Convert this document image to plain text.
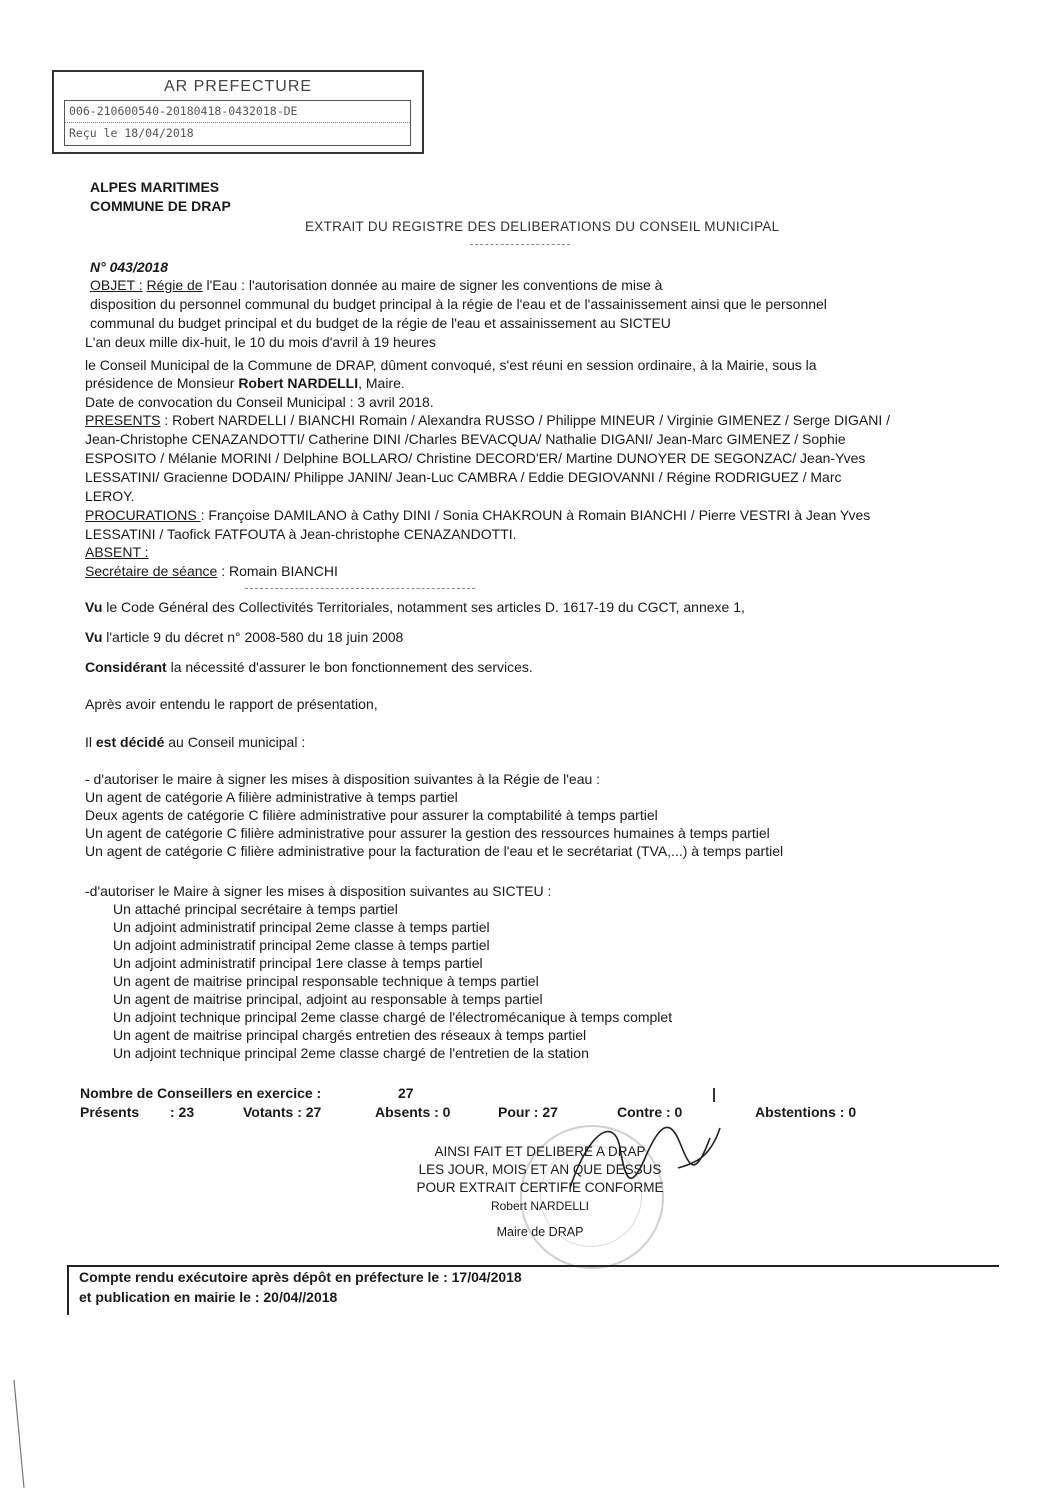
AR PREFECTURE
006-210600540-20180418-0432018-DE
Reçu le 18/04/2018
ALPES MARITIMES
COMMUNE DE DRAP
EXTRAIT DU REGISTRE DES DELIBERATIONS DU CONSEIL MUNICIPAL
N° 043/2018
OBJET : Régie de l'Eau : l'autorisation donnée au maire de signer les conventions de mise à
disposition du personnel communal du budget principal à la régie de l'eau et de l'assainissement ainsi que le personnel
communal du budget principal et du budget de la régie de l'eau et assainissement au SICTEU
L'an deux mille dix-huit, le 10 du mois d'avril à 19 heures
le Conseil Municipal de la Commune de DRAP, dûment convoqué, s'est réuni en session ordinaire, à la Mairie, sous la
présidence de Monsieur Robert NARDELLI, Maire.
Date de convocation du Conseil Municipal : 3 avril 2018.
PRESENTS : Robert NARDELLI / BIANCHI Romain / Alexandra RUSSO / Philippe MINEUR / Virginie GIMENEZ / Serge DIGANI /
Jean-Christophe CENAZANDOTTI/ Catherine DINI /Charles BEVACQUA/ Nathalie DIGANI/ Jean-Marc GIMENEZ / Sophie
ESPOSITO / Mélanie MORINI / Delphine BOLLARO/ Christine DECORD'ER/ Martine DUNOYER DE SEGONZAC/ Jean-Yves
LESSATINI/ Gracienne DODAIN/ Philippe JANIN/ Jean-Luc CAMBRA / Eddie DEGIOVANNI / Régine RODRIGUEZ / Marc
LEROY.
PROCURATIONS : Françoise DAMILANO à Cathy DINI / Sonia CHAKROUN à Romain BIANCHI / Pierre VESTRI à Jean Yves
LESSATINI / Taofick FATFOUTA à Jean-christophe CENAZANDOTTI.
ABSENT :
Secrétaire de séance : Romain BIANCHI
Vu le Code Général des Collectivités Territoriales, notamment ses articles D. 1617-19 du CGCT, annexe 1,
Vu l'article 9 du décret n° 2008-580 du 18 juin 2008
Considérant la nécessité d'assurer le bon fonctionnement des services.
Après avoir entendu le rapport de présentation,
Il est décidé au Conseil municipal :
- d'autoriser le maire à signer les mises à disposition suivantes à la Régie de l'eau :
Un agent de catégorie A filière administrative à temps partiel
Deux agents de catégorie C filière administrative pour assurer la comptabilité à temps partiel
Un agent de catégorie C filière administrative pour assurer la gestion des ressources humaines à temps partiel
Un agent de catégorie C filière administrative pour la facturation de l'eau et le secrétariat (TVA,...) à temps partiel
-d'autoriser le Maire à signer les mises à disposition suivantes au SICTEU :
Un attaché principal secrétaire à temps partiel
Un adjoint administratif principal 2eme classe à temps partiel
Un adjoint administratif principal 2eme classe à temps partiel
Un adjoint administratif principal 1ere classe à temps partiel
Un agent de maitrise principal responsable technique à temps partiel
Un agent de maitrise principal, adjoint au responsable à temps partiel
Un adjoint technique principal 2eme classe chargé de l'électromécanique à temps complet
Un agent de maitrise principal chargés entretien des réseaux à temps partiel
Un adjoint technique principal 2eme classe chargé de l'entretien de la station
Nombre de Conseillers en exercice :	27
Présents : 23	Votants : 27	Absents : 0	Pour : 27	Contre : 0	Abstentions : 0
AINSI FAIT ET DELIBERE A DRAP
LES JOUR, MOIS ET AN QUE DESSUS
POUR EXTRAIT CERTIFIE CONFORME
Robert NARDELLI
Maire de DRAP
Compte rendu exécutoire après dépôt en préfecture le : 17/04/2018
et publication en mairie le : 20/04//2018
